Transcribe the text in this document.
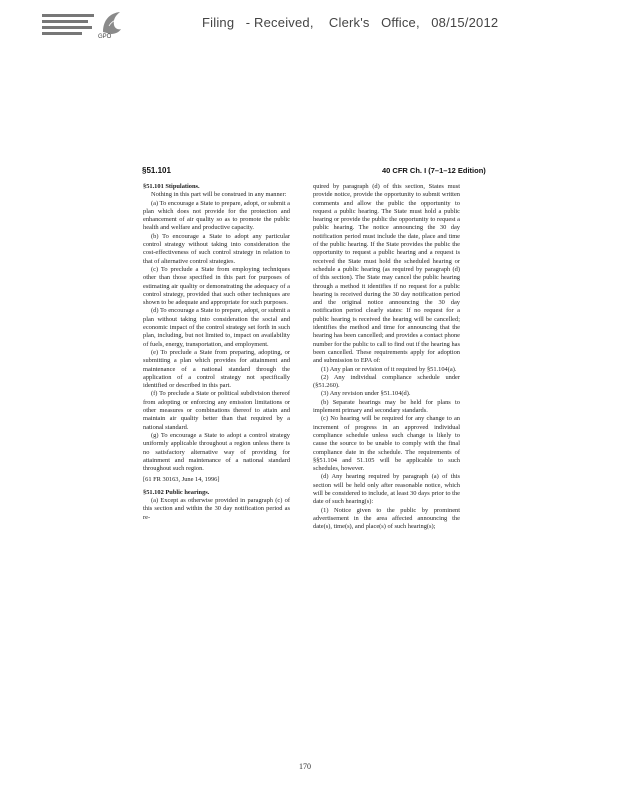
GPO
Filing - Received, Clerk's Office, 08/15/2012
§51.101	40 CFR Ch. I (7–1–12 Edition)

§51.101 Stipulations.

Nothing in this part will be construed in any manner:

(a) To encourage a State to prepare, adopt, or submit a plan which does not provide for the protection and enhancement of air quality so as to promote the public health and welfare and productive capacity.

(b) To encourage a State to adopt any particular control strategy without taking into consideration the cost-effectiveness of such control strategy in relation to that of alternative control strategies.

(c) To preclude a State from employing techniques other than those specified in this part for purposes of estimating air quality or demonstrating the adequacy of a control strategy, provided that such other techniques are shown to be adequate and appropriate for such purposes.

(d) To encourage a State to prepare, adopt, or submit a plan without taking into consideration the social and economic impact of the control strategy set forth in such plan, including, but not limited to, impact on availability of fuels, energy, transportation, and employment.

(e) To preclude a State from preparing, adopting, or submitting a plan which provides for attainment and maintenance of a national standard through the application of a control strategy not specifically identified or described in this part.

(f) To preclude a State or political subdivision thereof from adopting or enforcing any emission limitations or other measures or combinations thereof to attain and maintain air quality better than that required by a national standard.

(g) To encourage a State to adopt a control strategy uniformly applicable throughout a region unless there is no satisfactory alternative way of providing for attainment and maintenance of a national standard throughout such region.

[61 FR 30163, June 14, 1996]

§51.102 Public hearings.

(a) Except as otherwise provided in paragraph (c) of this section and within the 30 day notification period as re-

quired by paragraph (d) of this section, States must provide notice, provide the opportunity to submit written comments and allow the public the opportunity to request a public hearing. The State must hold a public hearing or provide the public the opportunity to request a public hearing. The notice announcing the 30 day notification period must include the date, place and time of the public hearing. If the State provides the public the opportunity to request a public hearing and a request is received the State must hold the scheduled hearing or schedule a public hearing (as required by paragraph (d) of this section). The State may cancel the public hearing through a method it identifies if no request for a public hearing is received during the 30 day notification period and the original notice announcing the 30 day notification period clearly states: If no request for a public hearing is received the hearing will be cancelled; identifies the method and time for announcing that the hearing has been cancelled; and provides a contact phone number for the public to call to find out if the hearing has been cancelled. These requirements apply for adoption and submission to EPA of:

(1) Any plan or revision of it required by §51.104(a).

(2) Any individual compliance schedule under (§51.260).

(3) Any revision under §51.104(d).

(b) Separate hearings may be held for plans to implement primary and secondary standards.

(c) No hearing will be required for any change to an increment of progress in an approved individual compliance schedule unless such change is likely to cause the source to be unable to comply with the final compliance date in the schedule. The requirements of §§51.104 and 51.105 will be applicable to such schedules, however.

(d) Any hearing required by paragraph (a) of this section will be held only after reasonable notice, which will be considered to include, at least 30 days prior to the date of such hearing(s):

(1) Notice given to the public by prominent advertisement in the area affected announcing the date(s), time(s), and place(s) of such hearing(s);

170
